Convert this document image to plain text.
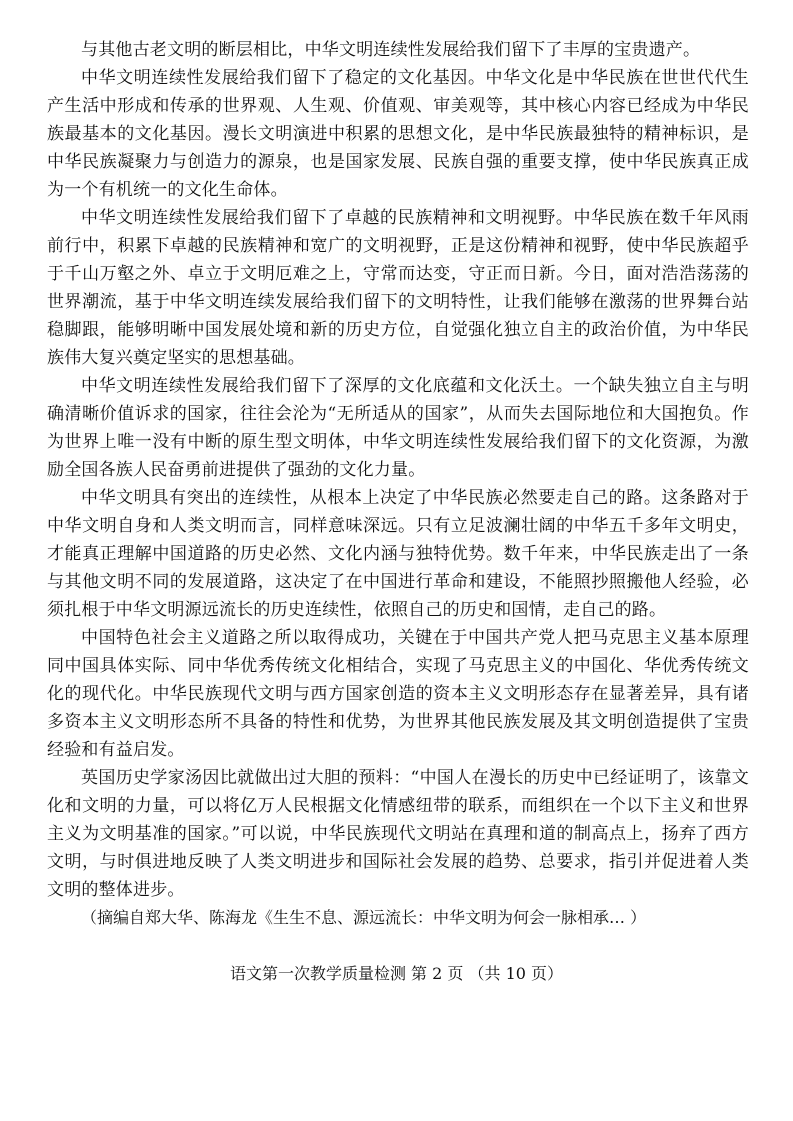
与其他古老文明的断层相比，中华文明连续性发展给我们留下了丰厚的宝贵遗产。

中华文明连续性发展给我们留下了稳定的文化基因。中华文化是中华民族在世世代代生产生活中形成和传承的世界观、人生观、价值观、审美观等，其中核心内容已经成为中华民族最基本的文化基因。漫长文明演进中积累的思想文化，是中华民族最独特的精神标识，是中华民族凝聚力与创造力的源泉，也是国家发展、民族自强的重要支撑，使中华民族真正成为一个有机统一的文化生命体。

中华文明连续性发展给我们留下了卓越的民族精神和文明视野。中华民族在数千年风雨前行中，积累下卓越的民族精神和宽广的文明视野，正是这份精神和视野，使中华民族超乎于千山万壑之外、卓立于文明厄难之上，守常而达变，守正而日新。今日，面对浩浩荡荡的世界潮流，基于中华文明连续发展给我们留下的文明特性，让我们能够在激荡的世界舞台站稳脚跟，能够明晰中国发展处境和新的历史方位，自觉强化独立自主的政治价值，为中华民族伟大复兴奠定坚实的思想基础。

中华文明连续性发展给我们留下了深厚的文化底蕴和文化沃土。一个缺失独立自主与明确清晰价值诉求的国家，往往会沦为“无所适从的国家”，从而失去国际地位和大国抱负。作为世界上唯一没有中断的原生型文明体，中华文明连续性发展给我们留下的文化资源，为激励全国各族人民奋勇前进提供了强劲的文化力量。

中华文明具有突出的连续性，从根本上决定了中华民族必然要走自己的路。这条路对于中华文明自身和人类文明而言，同样意味深远。只有立足波澜壮阔的中华五千多年文明史，才能真正理解中国道路的历史必然、文化内涵与独特优势。数千年来，中华民族走出了一条与其他文明不同的发展道路，这决定了在中国进行革命和建设，不能照抄照搬他人经验，必须扎根于中华文明源远流长的历史连续性，依照自己的历史和国情，走自己的路。

中国特色社会主义道路之所以取得成功，关键在于中国共产党人把马克思主义基本原理同中国具体实际、同中华优秀传统文化相结合，实现了马克思主义的中国化、华优秀传统文化的现代化。中华民族现代文明与西方国家创造的资本主义文明形态存在显著差异，具有诸多资本主义文明形态所不具备的特性和优势，为世界其他民族发展及其文明创造提供了宝贵经验和有益启发。

英国历史学家汤因比就做出过大胆的预料：“中国人在漫长的历史中已经证明了，该靠文化和文明的力量，可以将亿万人民根据文化情感纽带的联系，而组织在一个以下主义和世界主义为文明基准的国家。”可以说，中华民族现代文明站在真理和道的制高点上，扬弃了西方文明，与时俱进地反映了人类文明进步和国际社会发展的趋势、总要求，指引并促进着人类文明的整体进步。

（摘编自郑大华、陈海龙《生生不息、源远流长：中华文明为何会一脉相承… ）

语文第一次教学质量检测 第 2 页 （共 10 页）
